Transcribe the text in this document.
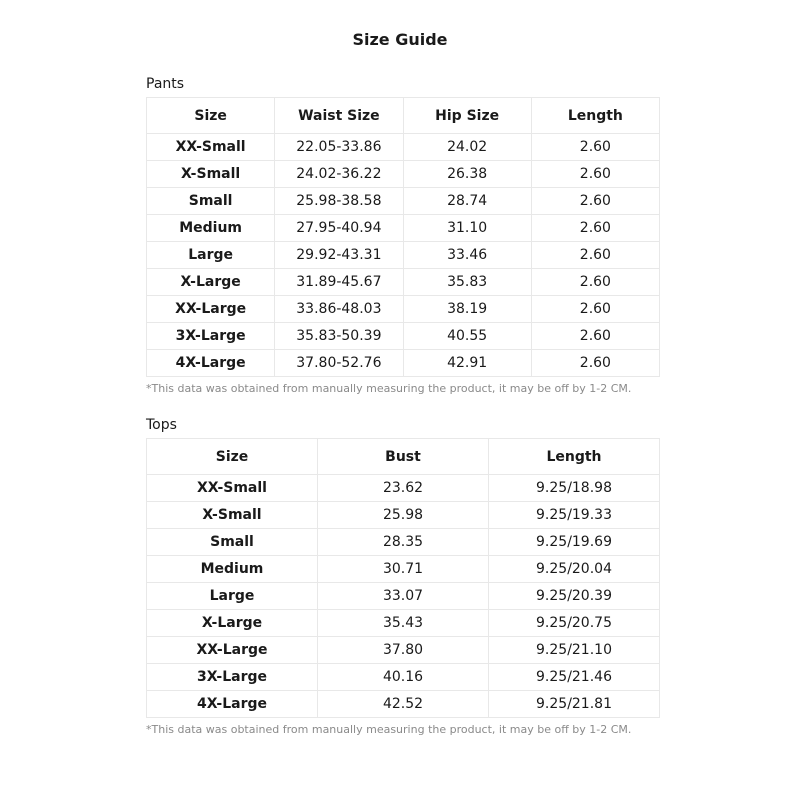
Size Guide
Pants
Size	Waist Size	Hip Size	Length
XX-Small	22.05-33.86	24.02	2.60
X-Small	24.02-36.22	26.38	2.60
Small	25.98-38.58	28.74	2.60
Medium	27.95-40.94	31.10	2.60
Large	29.92-43.31	33.46	2.60
X-Large	31.89-45.67	35.83	2.60
XX-Large	33.86-48.03	38.19	2.60
3X-Large	35.83-50.39	40.55	2.60
4X-Large	37.80-52.76	42.91	2.60
*This data was obtained from manually measuring the product, it may be off by 1-2 CM.
Tops
Size	Bust	Length
XX-Small	23.62	9.25/18.98
X-Small	25.98	9.25/19.33
Small	28.35	9.25/19.69
Medium	30.71	9.25/20.04
Large	33.07	9.25/20.39
X-Large	35.43	9.25/20.75
XX-Large	37.80	9.25/21.10
3X-Large	40.16	9.25/21.46
4X-Large	42.52	9.25/21.81
*This data was obtained from manually measuring the product, it may be off by 1-2 CM.
